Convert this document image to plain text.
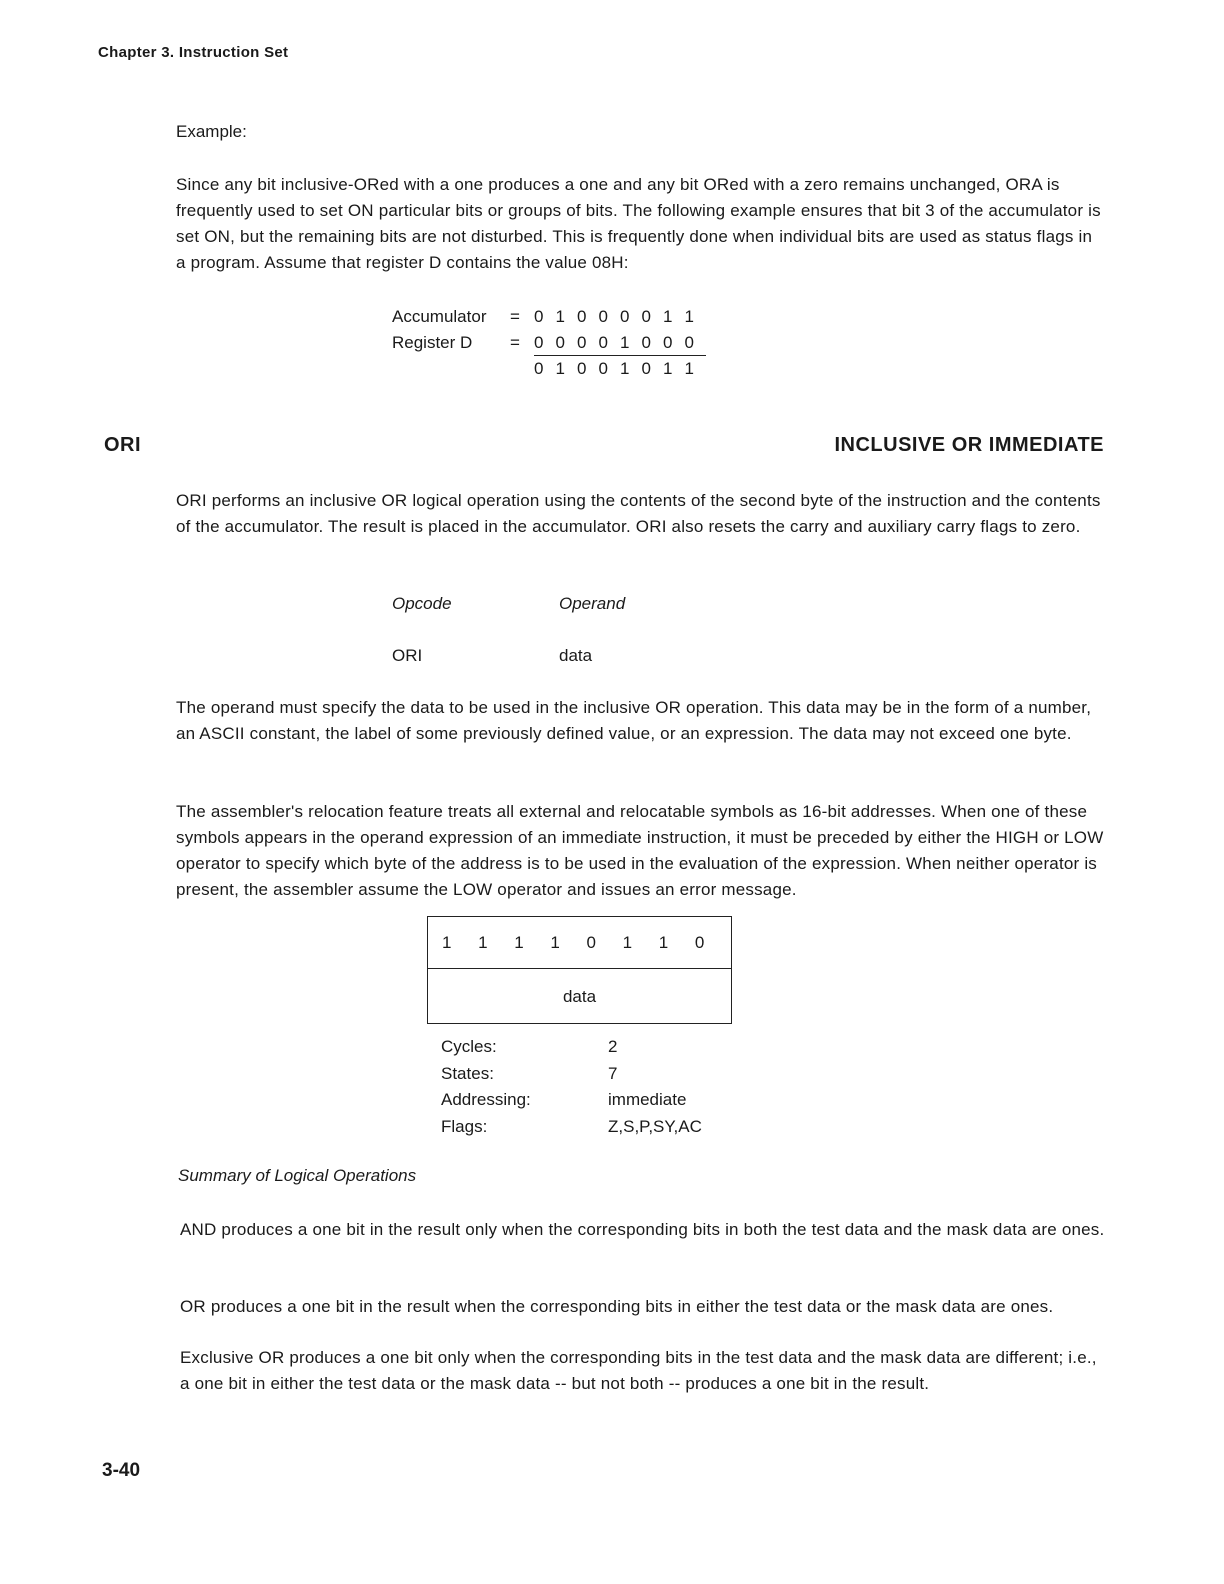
Chapter 3. Instruction Set
Example:
Since any bit inclusive-ORed with a one produces a one and any bit ORed with a zero remains unchanged, ORA is frequently used to set ON particular bits or groups of bits. The following example ensures that bit 3 of the accumulator is set ON, but the remaining bits are not disturbed. This is frequently done when individual bits are used as status flags in a program. Assume that register D contains the value 08H:
Accumulator	= 0 1 0 0 0 0 1 1
Register D	= 0 0 0 0 1 0 0 0
0 1 0 0 1 0 1 1
ORI	INCLUSIVE OR IMMEDIATE
ORI performs an inclusive OR logical operation using the contents of the second byte of the instruction and the contents of the accumulator. The result is placed in the accumulator. ORI also resets the carry and auxiliary carry flags to zero.
Opcode	Operand
ORI	data
The operand must specify the data to be used in the inclusive OR operation. This data may be in the form of a number, an ASCII constant, the label of some previously defined value, or an expression. The data may not exceed one byte.
The assembler's relocation feature treats all external and relocatable symbols as 16-bit addresses. When one of these symbols appears in the operand expression of an immediate instruction, it must be preceded by either the HIGH or LOW operator to specify which byte of the address is to be used in the evaluation of the expression. When neither operator is present, the assembler assume the LOW operator and issues an error message.
1	1	1	1	0	1	1	0
data
Cycles:	2
States:	7
Addressing:	immediate
Flags:	Z,S,P,SY,AC
Summary of Logical Operations
AND produces a one bit in the result only when the corresponding bits in both the test data and the mask data are ones.
OR produces a one bit in the result when the corresponding bits in either the test data or the mask data are ones.
Exclusive OR produces a one bit only when the corresponding bits in the test data and the mask data are different; i.e., a one bit in either the test data or the mask data -- but not both -- produces a one bit in the result.
3-40
